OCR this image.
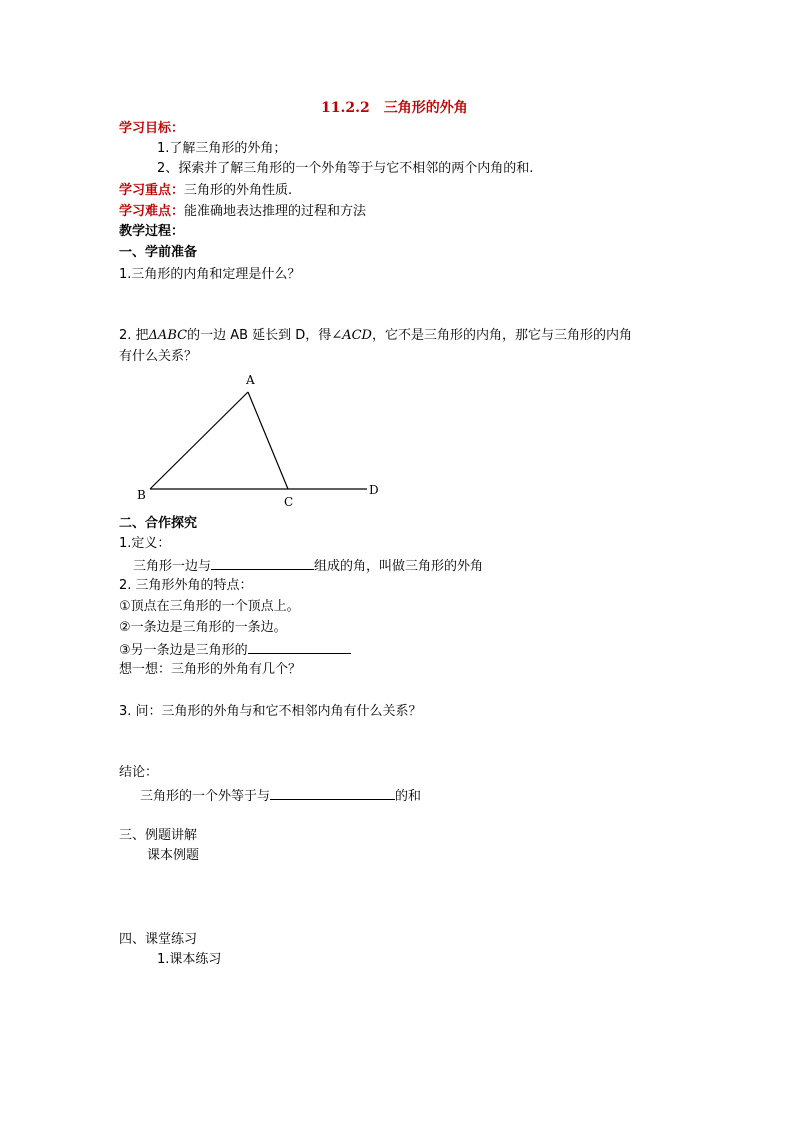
11.2.2　三角形的外角
学习目标：
1.了解三角形的外角；
2、探索并了解三角形的一个外角等于与它不相邻的两个内角的和.
学习重点：三角形的外角性质.
学习难点：能准确地表达推理的过程和方法
教学过程：
一、学前准备
1.三角形的内角和定理是什么？
2. 把ΔABC的一边 AB 延长到 D，得∠ACD，它不是三角形的内角，那它与三角形的内角
有什么关系？
A
B	C
D
二、合作探究
1.定义：
三角形一边与	组成的角，叫做三角形的外角
2. 三角形外角的特点：
①顶点在三角形的一个顶点上。
②一条边是三角形的一条边。
③另一条边是三角形的
想一想：三角形的外角有几个？
3. 问：三角形的外角与和它不相邻内角有什么关系？
结论：
三角形的一个外等于与	的和
三、例题讲解
课本例题
四、课堂练习
1.课本练习
